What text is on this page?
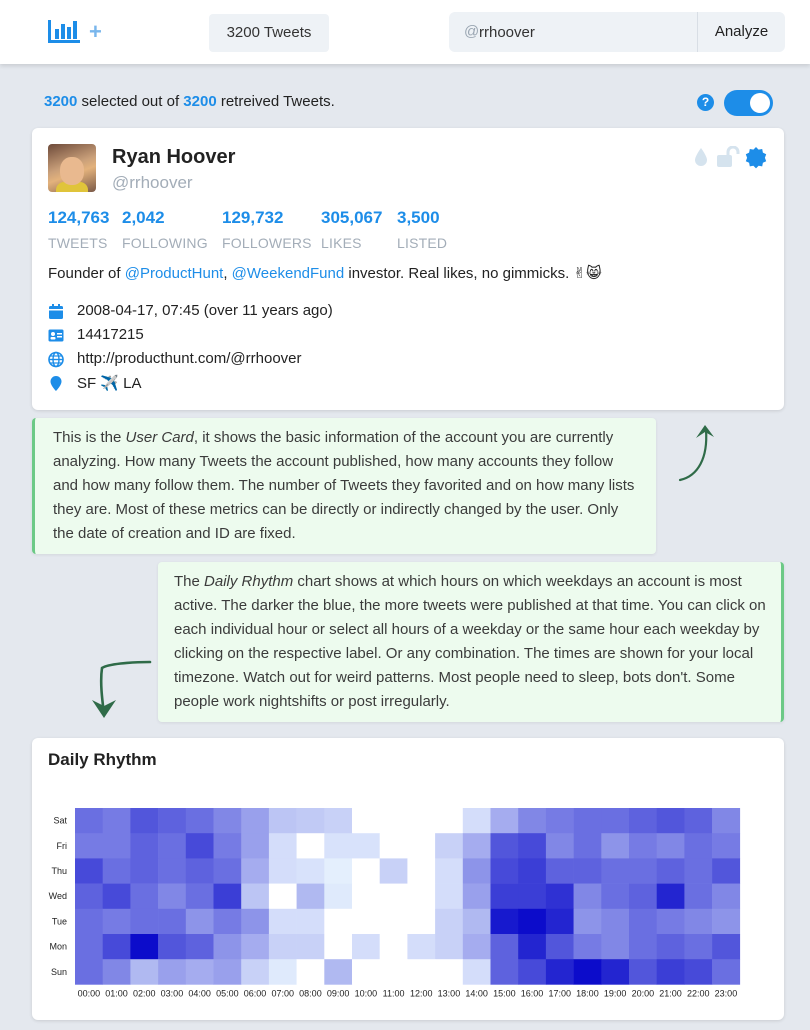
+	3200 Tweets	@
rrhoover	Analyze
3200 selected out of 3200 retreived Tweets.	?
Ryan Hoover
@rrhoover
124,763
TWEETS
2,042
FOLLOWING
129,732
FOLLOWERS
305,067
LIKES
3,500
LISTED
Founder of @ProductHunt, @WeekendFund investor. Real likes, no gimmicks. ✌😸
2008-04-17, 07:45 (over 11 years ago)
14417215
http://producthunt.com/@rrhoover
SF ✈️ LA
This is the User Card, it shows the basic information of the account you are currently analyzing. How many Tweets the account published, how many accounts they follow and how many follow them. The number of Tweets they favorited and on how many lists they are. Most of these metrics can be directly or indirectly changed by the user. Only the date of creation and ID are fixed.
The Daily Rhythm chart shows at which hours on which weekdays an account is most active. The darker the blue, the more tweets were published at that time. You can click on each individual hour or select all hours of a weekday or the same hour each weekday by clicking on the respective label. Or any combination. The times are shown for your local timezone. Watch out for weird patterns. Most people need to sleep, bots don't. Some people work nightshifts or post irregularly.
Daily Rhythm
Sat
Fri
Thu
Wed
Tue
Mon
Sun
00:00 01:00 02:00 03:00 04:00 05:00 06:00 07:00 08:00 09:00 10:00 11:00 12:00 13:00 14:00 15:00 16:00 17:00 18:00 19:00 20:00 21:00 22:00 23:00
